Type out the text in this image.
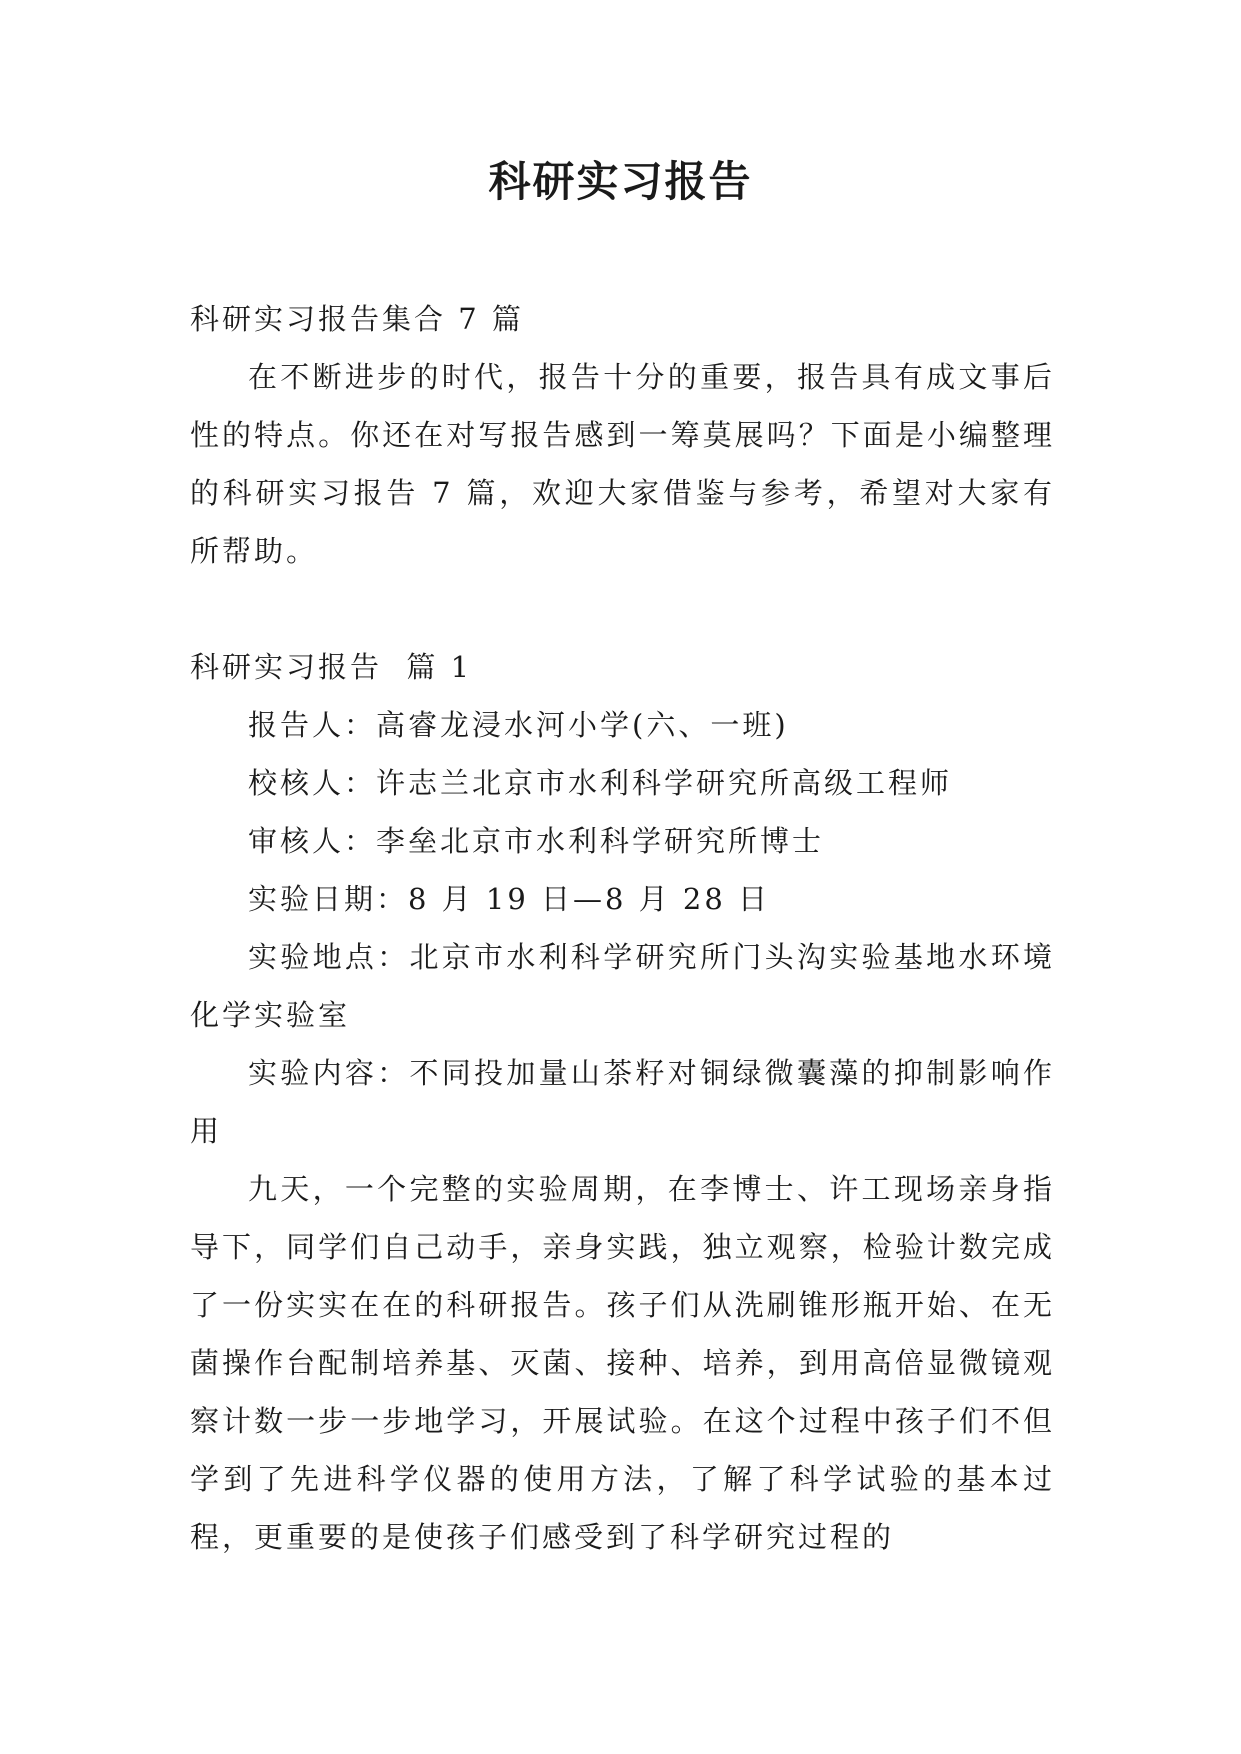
科研实习报告

科研实习报告集合 7 篇

在不断进步的时代，报告十分的重要，报告具有成文事后性的特点。你还在对写报告感到一筹莫展吗？下面是小编整理的科研实习报告 7 篇，欢迎大家借鉴与参考，希望对大家有所帮助。

科研实习报告  篇 1

报告人：高睿龙浸水河小学(六、一班)

校核人：许志兰北京市水利科学研究所高级工程师

审核人：李垒北京市水利科学研究所博士

实验日期：8 月 19 日—8 月 28 日

实验地点：北京市水利科学研究所门头沟实验基地水环境化学实验室

实验内容：不同投加量山茶籽对铜绿微囊藻的抑制影响作用

九天，一个完整的实验周期，在李博士、许工现场亲身指导下，同学们自己动手，亲身实践，独立观察，检验计数完成了一份实实在在的科研报告。孩子们从洗刷锥形瓶开始、在无菌操作台配制培养基、灭菌、接种、培养，到用高倍显微镜观察计数一步一步地学习，开展试验。在这个过程中孩子们不但学到了先进科学仪器的使用方法，了解了科学试验的基本过程，更重要的是使孩子们感受到了科学研究过程的
